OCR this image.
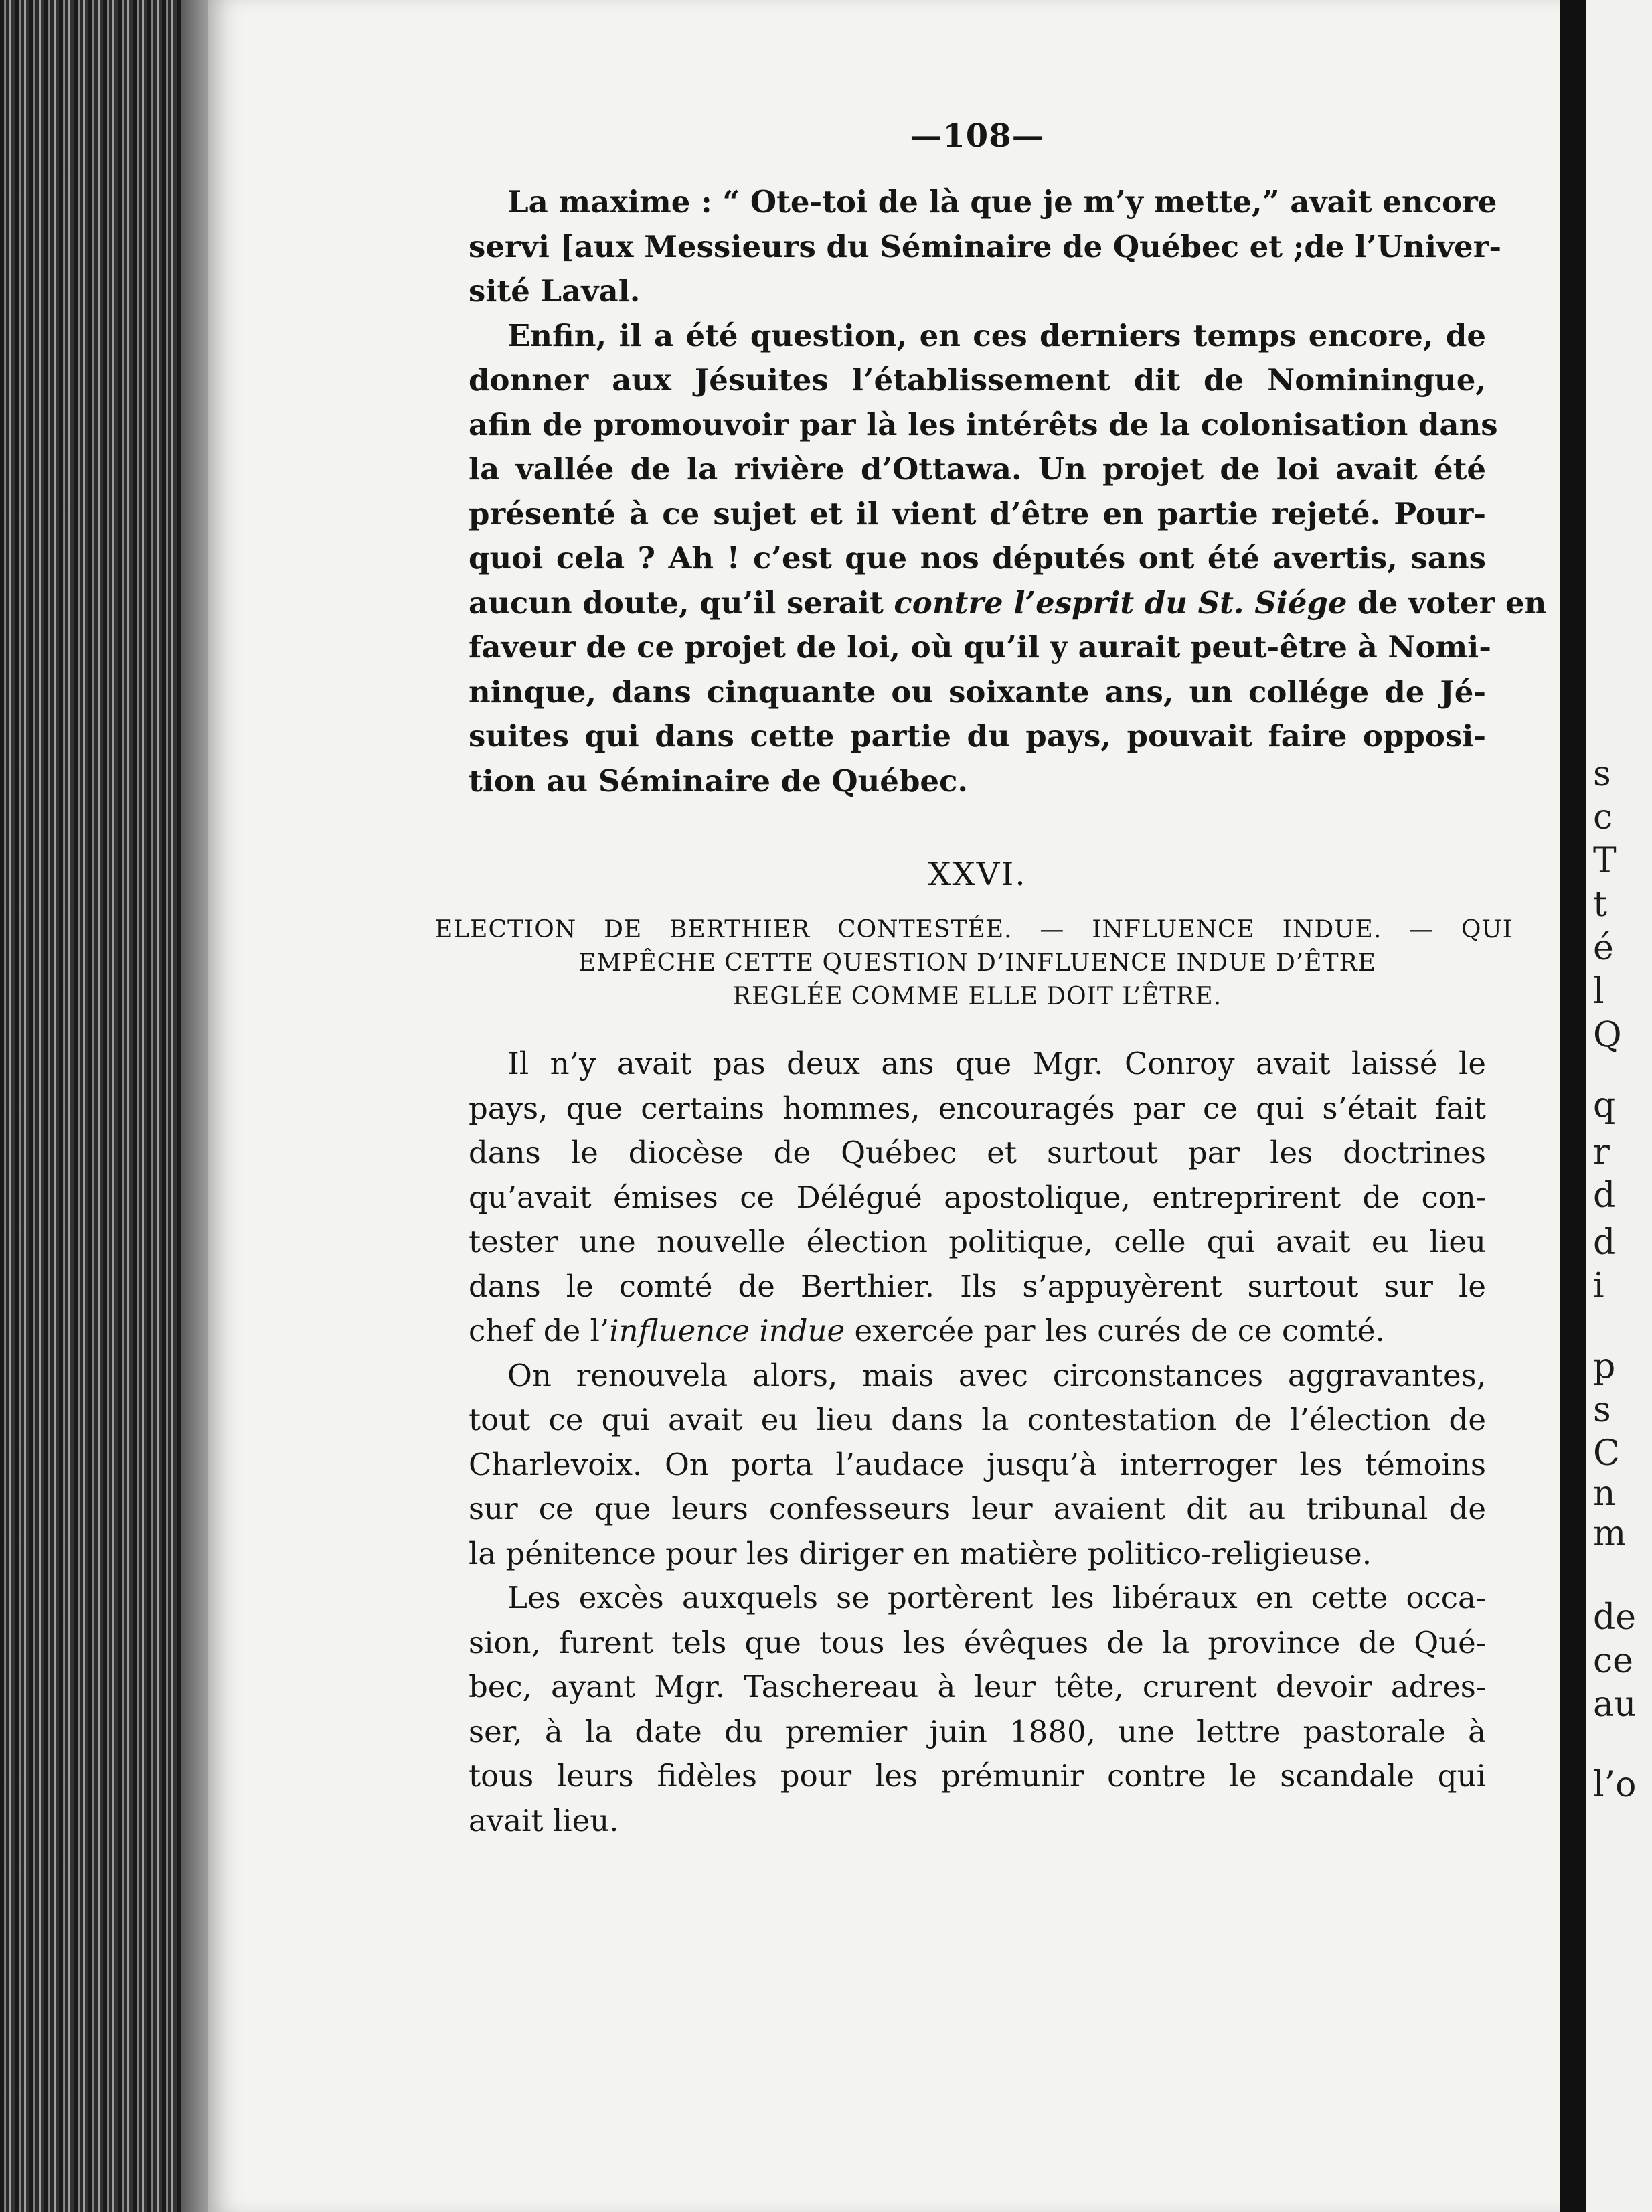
—108—

La maxime : “ Ote-toi de là que je m’y mette,” avait encore
servi [aux Messieurs du Séminaire de Québec et ;de l’Univer-
sité Laval.

Enfin, il a été question, en ces derniers temps encore, de
donner aux Jésuites l’établissement dit de Nominingue,
afin de promouvoir par là les intérêts de la colonisation dans
la vallée de la rivière d’Ottawa. Un projet de loi avait été
présenté à ce sujet et il vient d’être en partie rejeté. Pour-
quoi cela ? Ah ! c’est que nos députés ont été avertis, sans
aucun doute, qu’il serait contre l’esprit du St. Siége de voter en
faveur de ce projet de loi, où qu’il y aurait peut-être à Nomi-
ninque, dans cinquante ou soixante ans, un collége de Jé-
suites qui dans cette partie du pays, pouvait faire opposi-
tion au Séminaire de Québec.

XXVI.
ELECTION DE BERTHIER CONTESTÉE. — INFLUENCE INDUE. — QUI
EMPÊCHE CETTE QUESTION D’INFLUENCE INDUE D’ÊTRE
REGLÉE COMME ELLE DOIT L’ÊTRE.

Il n’y avait pas deux ans que Mgr. Conroy avait laissé le
pays, que certains hommes, encouragés par ce qui s’était fait
dans le diocèse de Québec et surtout par les doctrines
qu’avait émises ce Délégué apostolique, entreprirent de con-
tester une nouvelle élection politique, celle qui avait eu lieu
dans le comté de Berthier. Ils s’appuyèrent surtout sur le
chef de l’influence indue exercée par les curés de ce comté.

On renouvela alors, mais avec circonstances aggravantes,
tout ce qui avait eu lieu dans la contestation de l’élection de
Charlevoix. On porta l’audace jusqu’à interroger les témoins
sur ce que leurs confesseurs leur avaient dit au tribunal de
la pénitence pour les diriger en matière politico-religieuse.

Les excès auxquels se portèrent les libéraux en cette occa-
sion, furent tels que tous les évêques de la province de Qué-
bec, ayant Mgr. Taschereau à leur tête, crurent devoir adres-
ser, à la date du premier juin 1880, une lettre pastorale à
tous leurs fidèles pour les prémunir contre le scandale qui
avait lieu.

s
c
T
t
é
l
Q
q
r
d
d
i
p
s
C
n
m
de
ce
au
l’o
